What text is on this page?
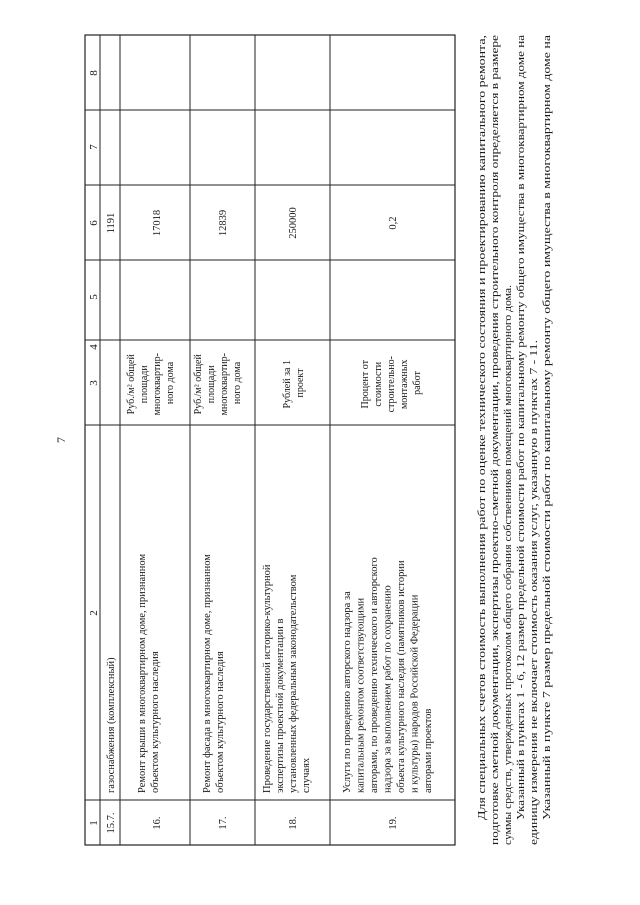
7
1
2
3
4
5
6
7
8
15.7.
газоснабжения (комплексный)
1191
16.
Ремонт крыши в многоквартирном доме, признанном объектом культурного наследия
Руб./м² общей площади многоквартир- ного дома
17018
17.
Ремонт фасада в многоквартирном доме, признанном объектом культурного наследия
Руб./м² общей площади многоквартир- ного дома
12839
18.
Проведение государственной историко-культурной экспертизы проектной документации в установленных федеральным законодательством случаях
Рублей за 1 проект
250000
19.
Услуги по проведению авторского надзора за капитальным ремонтом соответствующими авторами, по проведению технического и авторского надзора за выполнением работ по сохранению объекта культурного наследия (памятников истории и культуры) народов Российской Федерации авторами проектов
Процент от стоимости строительно- монтажных работ
0,2
Для специальных счетов стоимость выполнения работ по оценке технического состояния и проектированию капитального ремонта, подготовке сметной документации, экспертизы проектно-сметной документации, проведения строительного контроля определяется в размере суммы средств, утвержденных протоколом общего собрания собственников помещений многоквартирного дома. Указанный в пунктах 1 - 6, 12 размер предельной стоимости работ по капитальному ремонту общего имущества в многоквартирном доме на единицу измерения не включает стоимость оказания услуг, указанную в пунктах 7 - 11. Указанный в пункте 7 размер предельной стоимости работ по капитальному ремонту общего имущества в многоквартирном доме на
